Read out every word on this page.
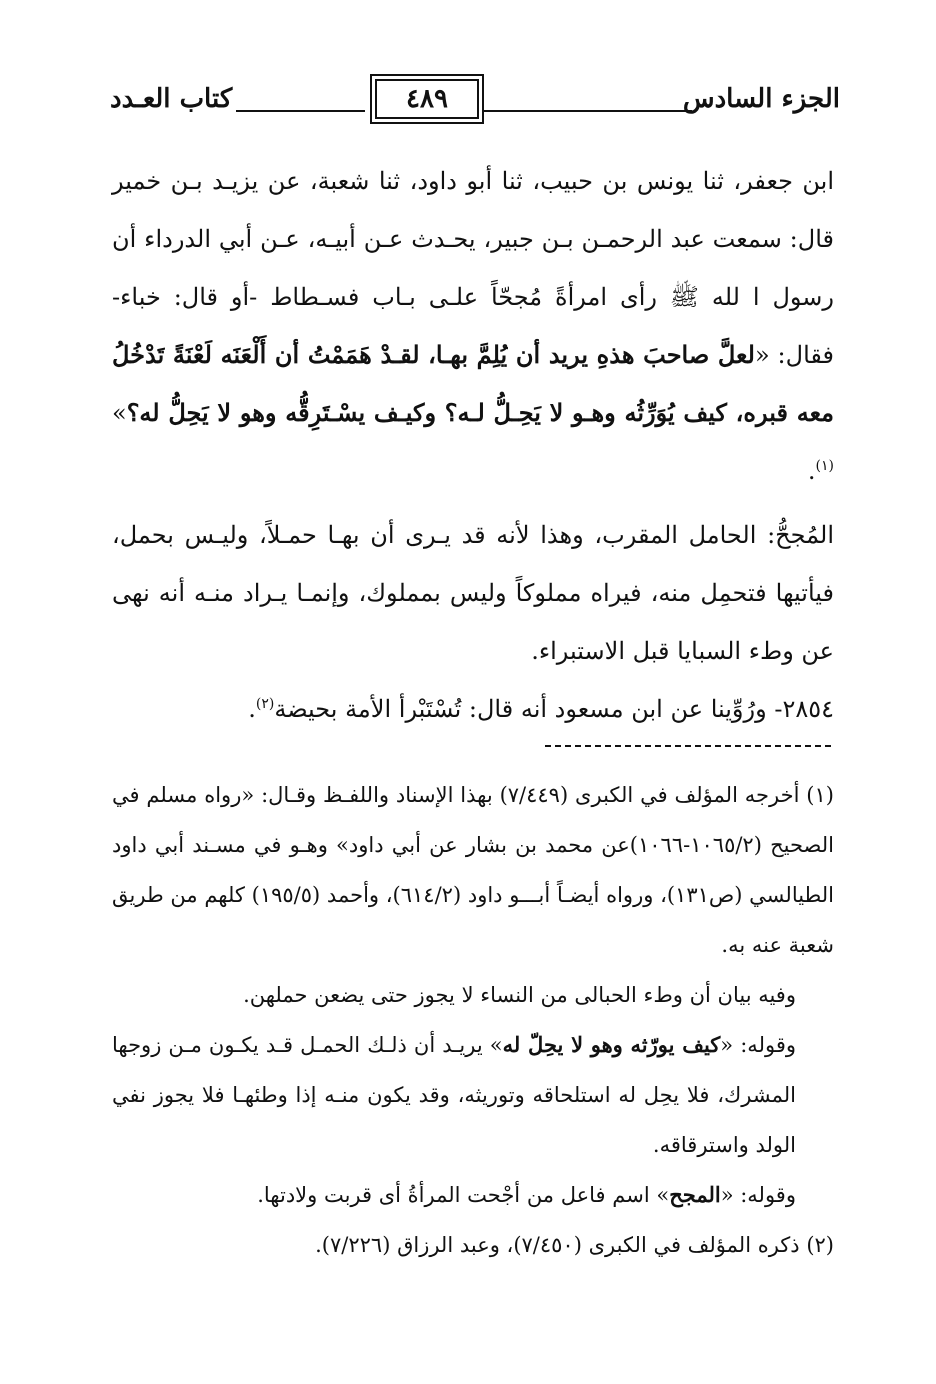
الجزء السادس
٤٨٩
كتاب العـدد

ابن جعفر، ثنا يونس بن حبيب، ثنا أبو داود، ثنا شعبة، عن يزيـد بـن خمير قال: سمعت عبد الرحمـن بـن جبير، يحـدث عـن أبيـه، عـن أبي الدرداء أن رسول ا لله ﷺ رأى امرأةً مُجحّاً علـى بـاب فسـطاط -أو قال: خباء- فقال: «لعلَّ صاحبَ هذهِ يريد أن يُلِمَّ بهـا، لقـدْ هَمَمْتُ أن أَلْعَنَه لَعْنَةً تَدْخُلُ معه قبره، كيف يُوَرِّثُه وهـو لا يَحِـلُّ لـه؟ وكيـف يسْـتَرِقُّه وهو لا يَحِلُّ له؟» $^{(١)}$.

المُجحُّ: الحامل المقرب، وهذا لأنه قد يـرى أن بهـا حمـلاً، وليـس بحمل، فيأتيها فتحمِل منه، فيراه مملوكاً وليس بمملوك، وإنمـا يـراد منـه أنه نهى عن وطء السبايا قبل الاستبراء.

٢٨٥٤- ورُوِّينا عن ابن مسعود أنه قال: تُسْتَبْرأ الأمة بحيضة$^{(٢)}$.

(١) أخرجه المؤلف في الكبرى (٧/٤٤٩) بهذا الإسناد واللفـظ وقـال: «رواه مسلم في الصحيح (١٠٦٥/٢-١٠٦٦)عن محمد بن بشار عن أبي داود» وهـو في مسـند أبي داود الطيالسي (ص١٣١)، ورواه أيضـاً أبـــو داود (٦١٤/٢)، وأحمد (١٩٥/٥) كلهم من طريق شعبة عنه به.

وفيه بيان أن وطء الحبالى من النساء لا يجوز حتى يضعن حملهن.

وقوله: «كيف يورّثه وهو لا يحِلّ له» يريـد أن ذلـك الحمـل قـد يكـون مـن زوجها المشرك، فلا يحِل له استلحاقه وتوريثه، وقد يكون منـه إذا وطئهـا فلا يجوز نفي الولد واسترقاقه.

وقوله: «المجح» اسم فاعل من أجْحت المرأةُ أى قربت ولادتها.

(٢) ذكره المؤلف في الكبرى (٧/٤٥٠)، وعبد الرزاق (٧/٢٢٦).
